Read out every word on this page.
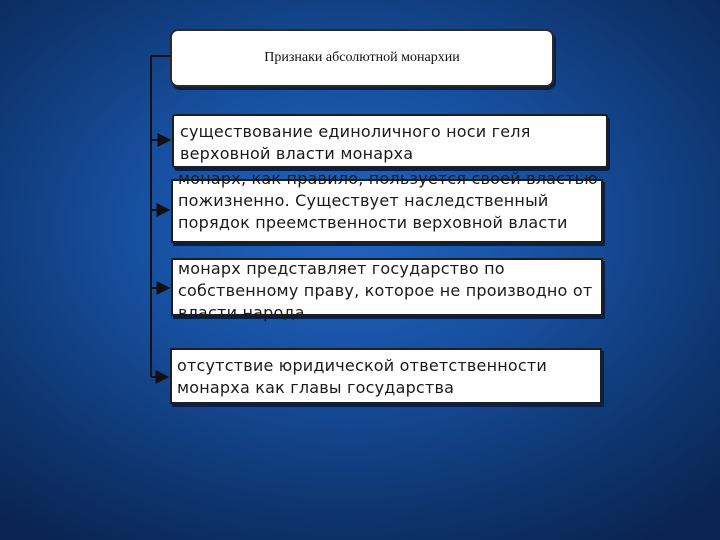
Признаки абсолютной монархии
существование единоличного носи геля верховной власти монарха
монарх, как правило, пользуется своей властью пожизненно. Существует наследственный порядок преемственности верховной власти
монарх представляет государство по собственному праву, которое не производно от власти народа
отсутствие юридической ответственности монарха как главы государства
